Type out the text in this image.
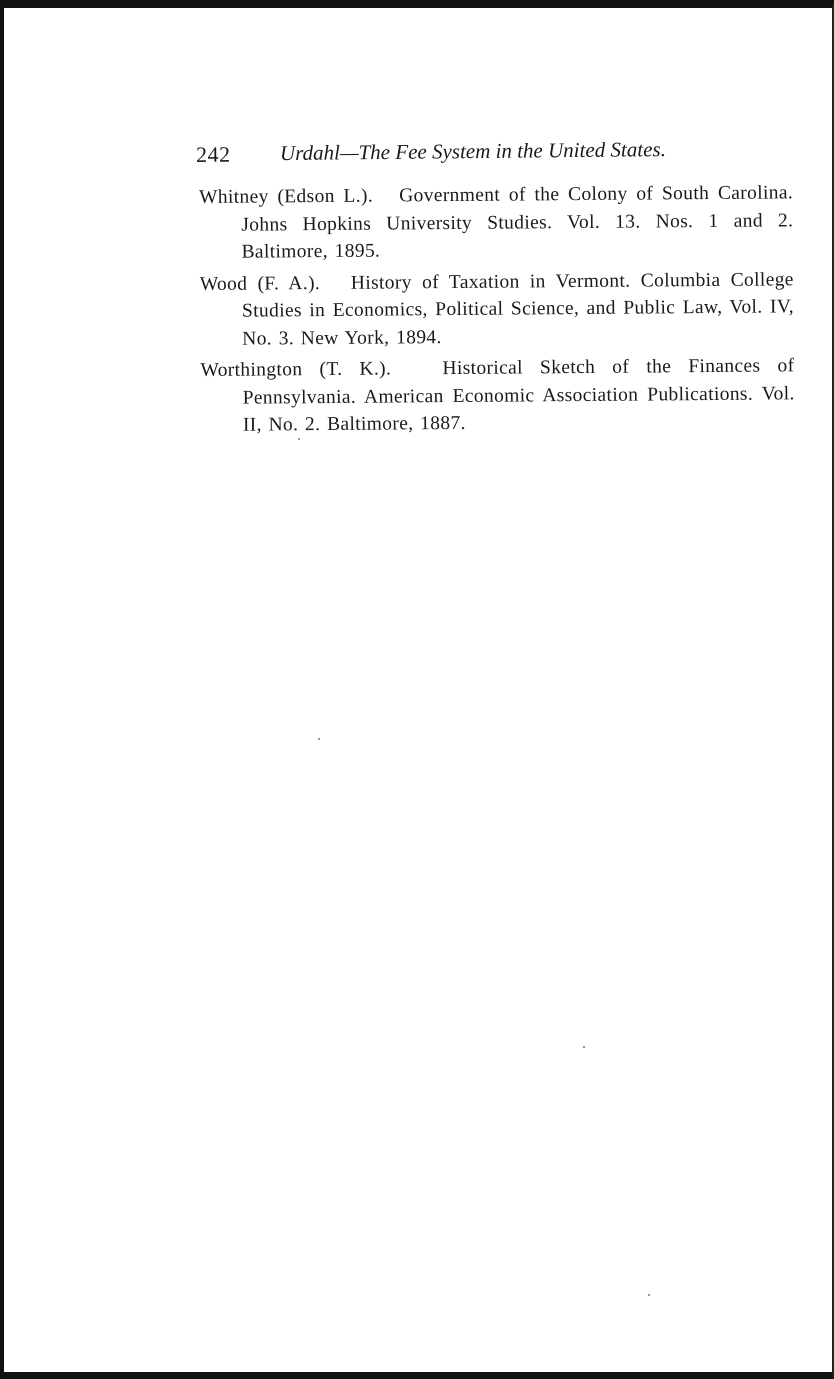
242 Urdahl—The Fee System in the United States.

Whitney (Edson L.). Government of the Colony of South Carolina. Johns Hopkins University Studies. Vol. 13. Nos. 1 and 2. Baltimore, 1895.

Wood (F. A.). History of Taxation in Vermont. Columbia College Studies in Economics, Political Science, and Public Law, Vol. IV, No. 3. New York, 1894.

Worthington (T. K.).	Historical Sketch of the Finances of Pennsylvania. American Economic Association Publications. Vol. II, No. 2. Baltimore, 1887.
